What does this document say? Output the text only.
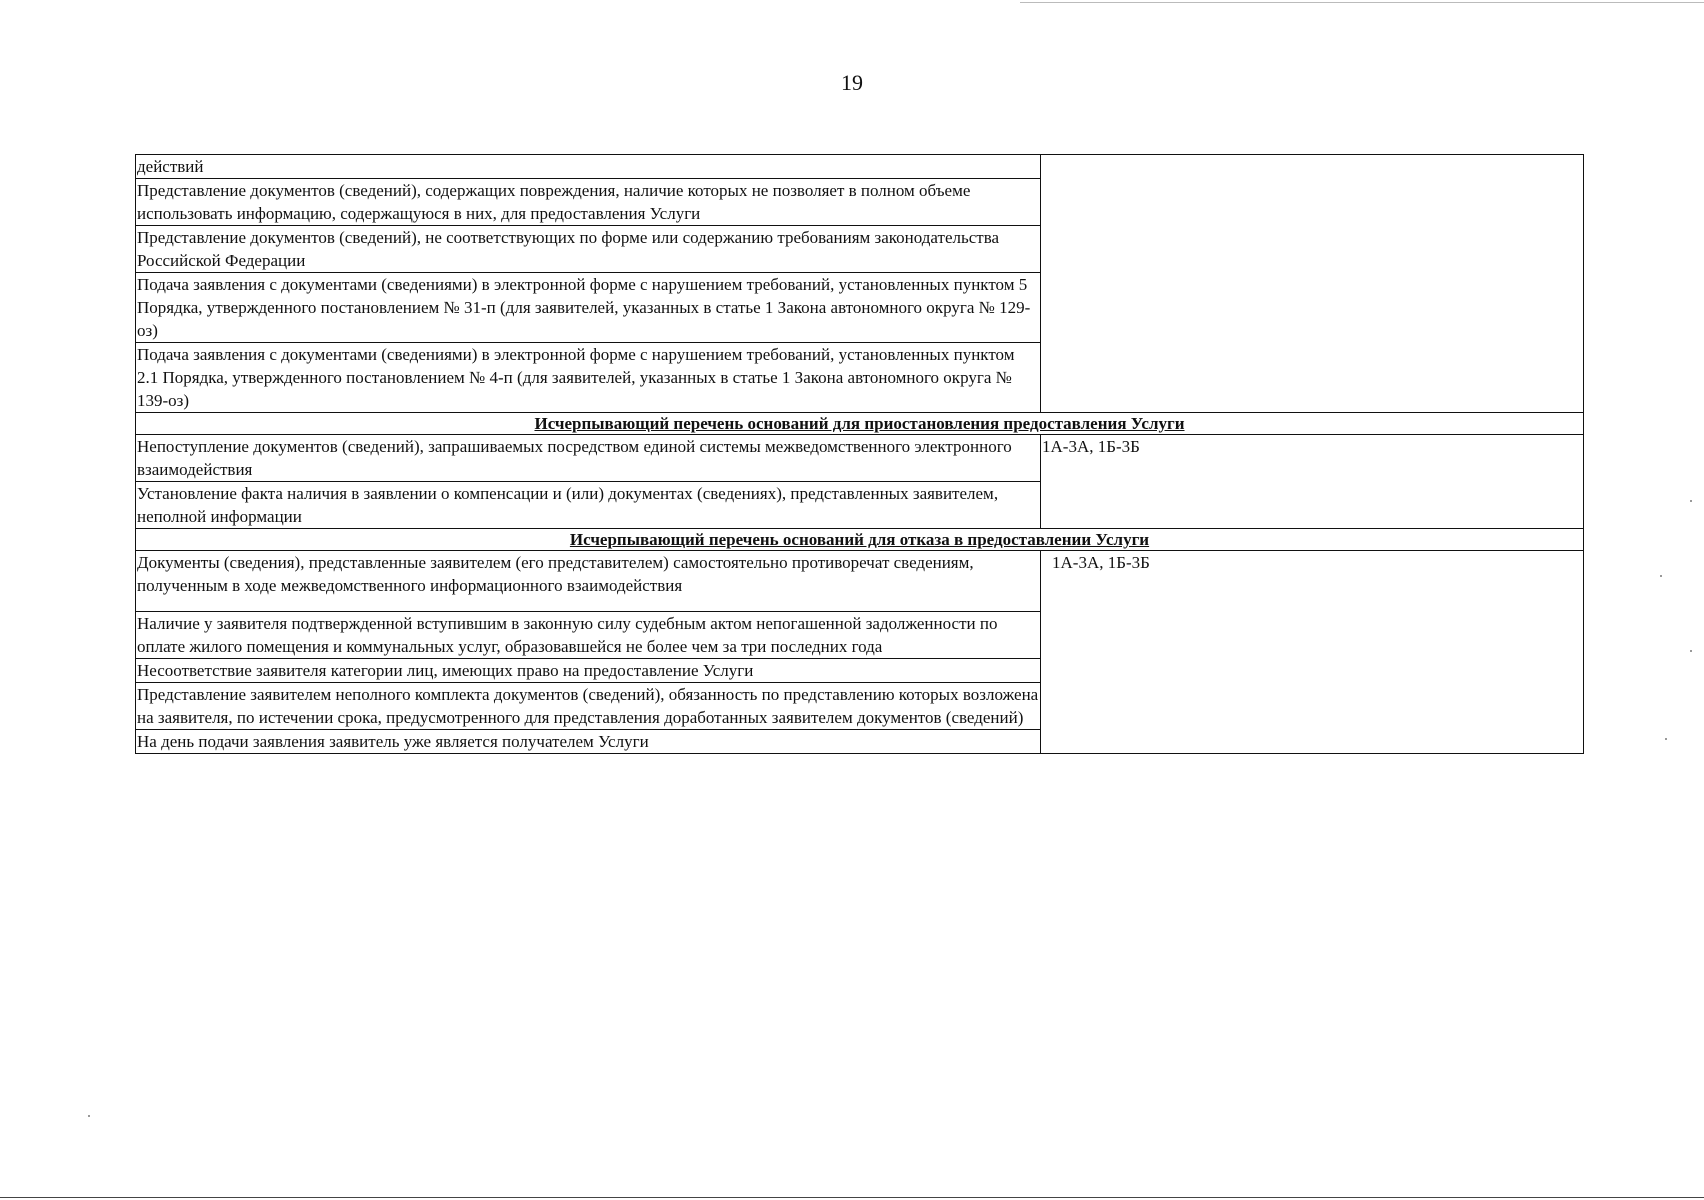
19
действий	
Представление документов (сведений), содержащих повреждения, наличие которых не позволяет в полном объеме использовать информацию, содержащуюся в них, для предоставления Услуги	
Представление документов (сведений), не соответствующих по форме или содержанию требованиям законодательства Российской Федерации	
Подача заявления с документами (сведениями) в электронной форме с нарушением требований, установленных пунктом 5 Порядка, утвержденного постановлением № 31-п (для заявителей, указанных в статье 1 Закона автономного округа № 129-оз)	
Подача заявления с документами (сведениями) в электронной форме с нарушением требований, установленных пунктом 2.1 Порядка, утвержденного постановлением № 4-п (для заявителей, указанных в статье 1 Закона автономного округа № 139-оз)	
Исчерпывающий перечень оснований для приостановления предоставления Услуги	
Непоступление документов (сведений), запрашиваемых посредством единой системы межведомственного электронного взаимодействия	1А-3А, 1Б-3Б
Установление факта наличия в заявлении о компенсации и (или) документах (сведениях), представленных заявителем, неполной информации	
Исчерпывающий перечень оснований для отказа в предоставлении Услуги	
Документы (сведения), представленные заявителем (его представителем) самостоятельно противоречат сведениям, полученным в ходе межведомственного информационного взаимодействия	1А-3А, 1Б-3Б
Наличие у заявителя подтвержденной вступившим в законную силу судебным актом непогашенной задолженности по оплате жилого помещения и коммунальных услуг, образовавшейся не более чем за три последних года	
Несоответствие заявителя категории лиц, имеющих право на предоставление Услуги	
Представление заявителем неполного комплекта документов (сведений), обязанность по представлению которых возложена на заявителя, по истечении срока, предусмотренного для представления доработанных заявителем документов (сведений)	
На день подачи заявления заявитель уже является получателем Услуги	
